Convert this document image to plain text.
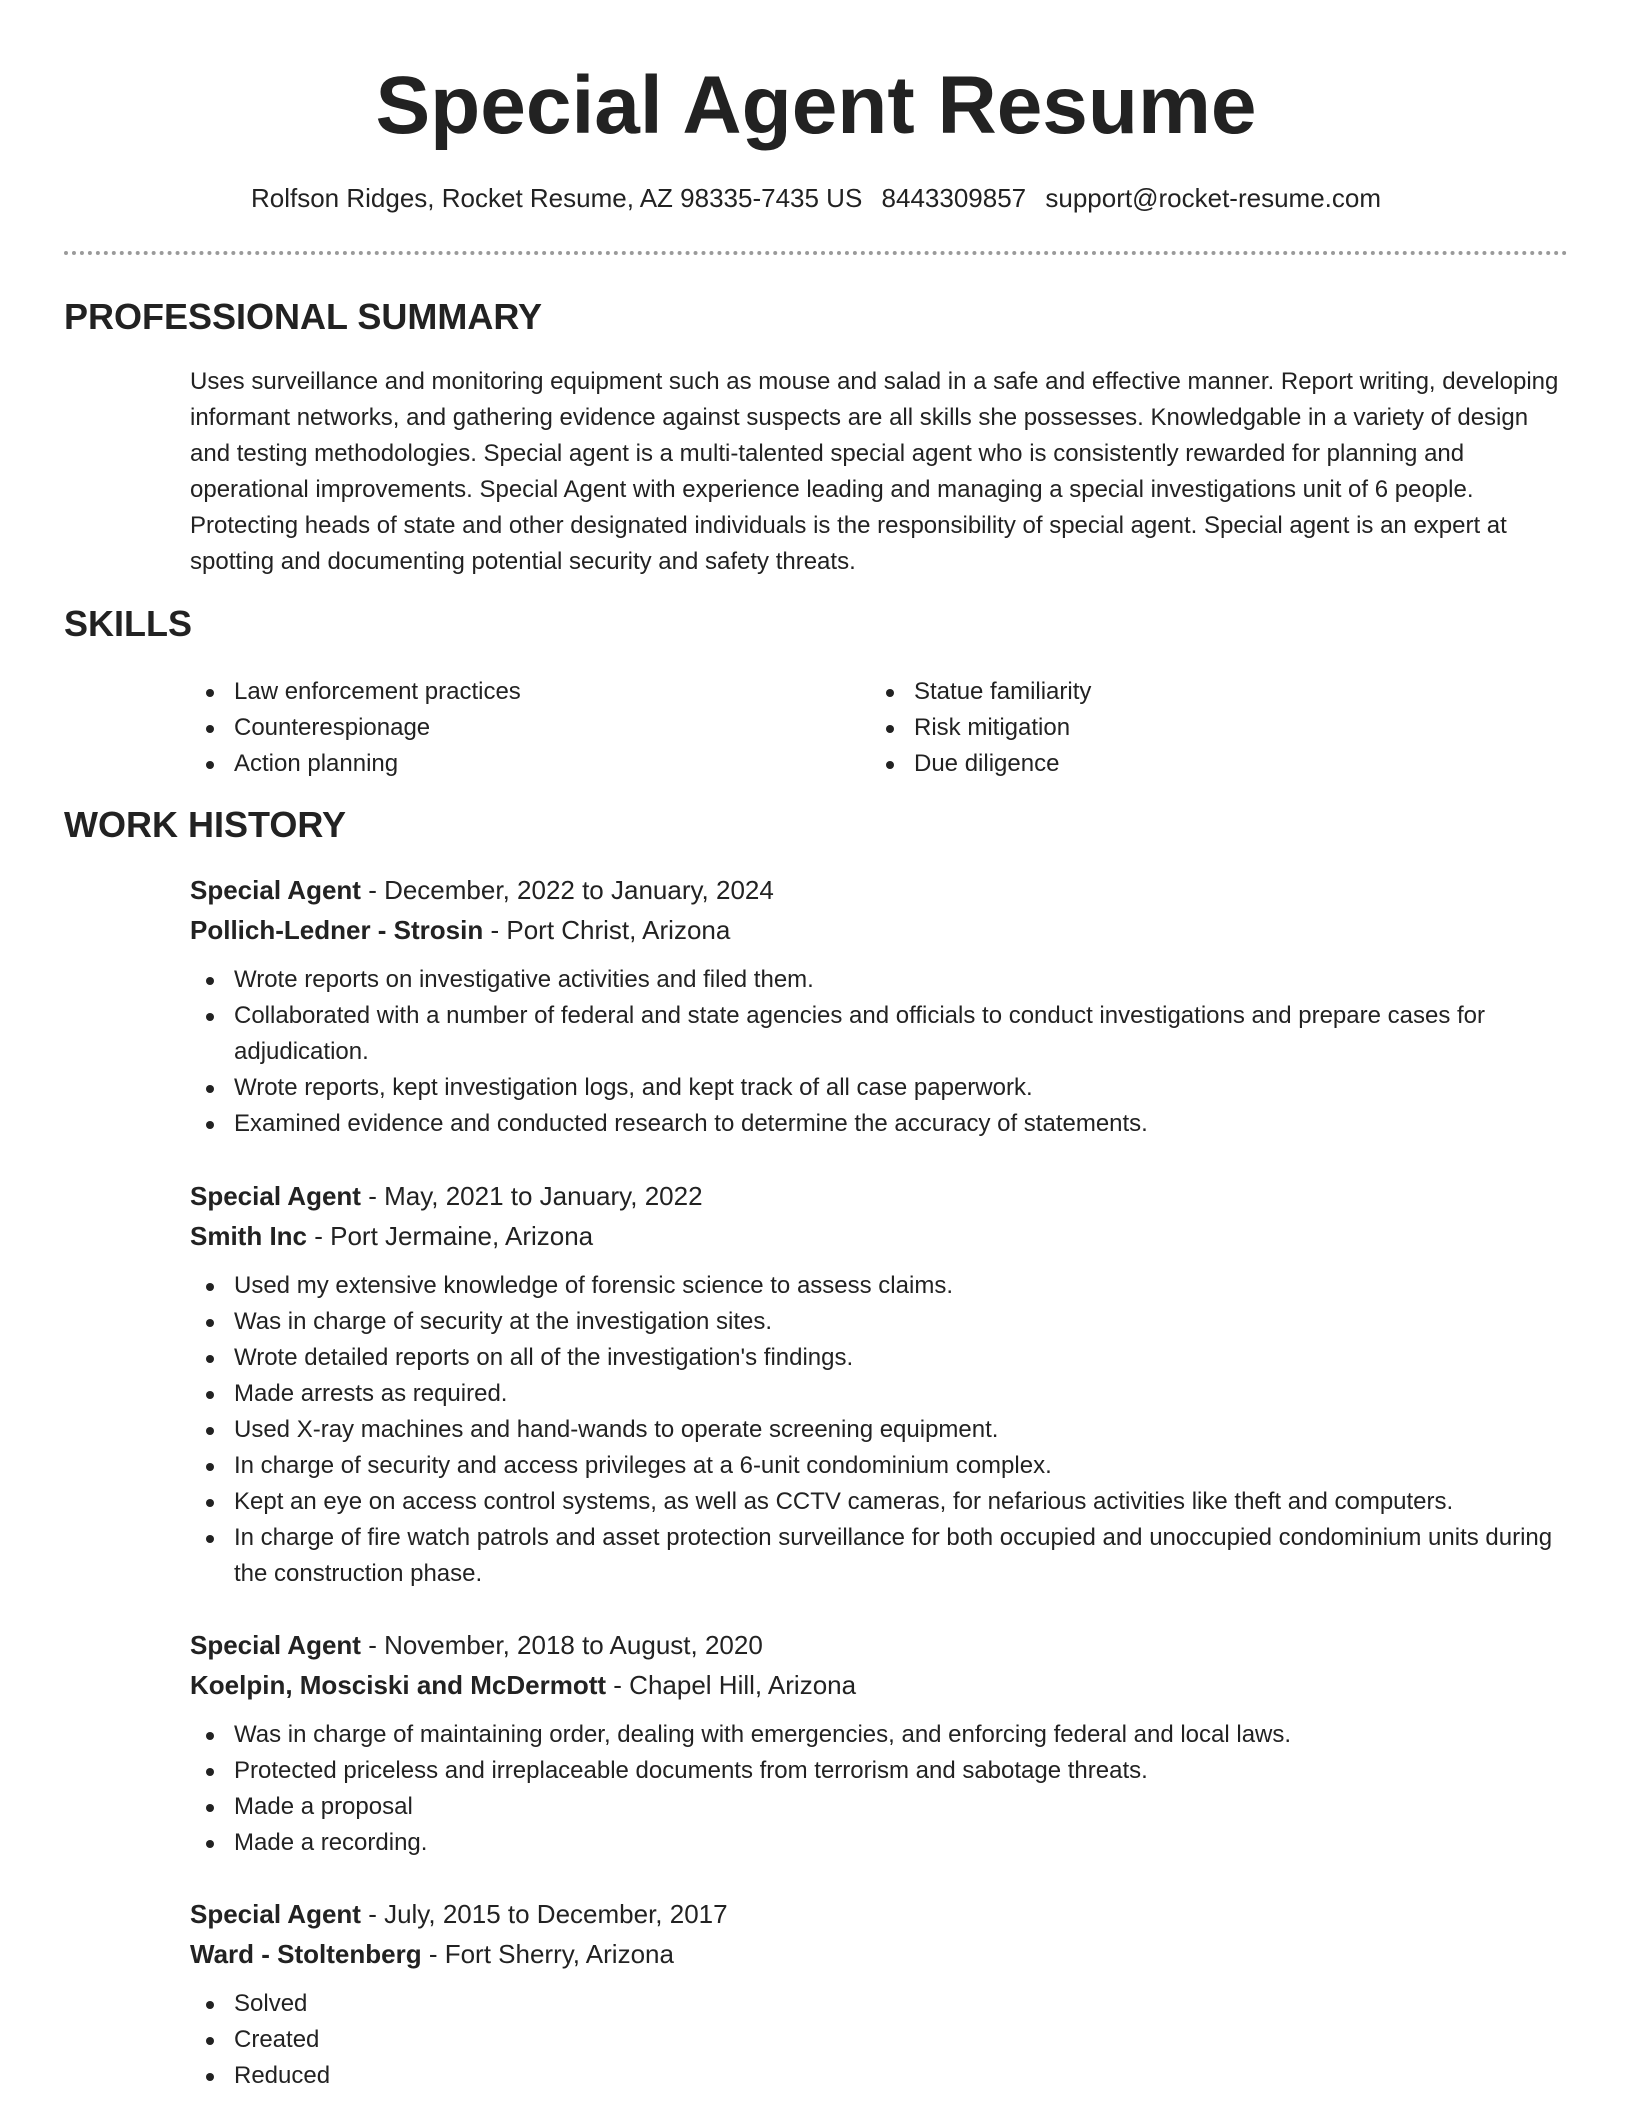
Special Agent Resume
Rolfson Ridges, Rocket Resume, AZ 98335-7435 US 8443309857 support@rocket-resume.com
PROFESSIONAL SUMMARY

Uses surveillance and monitoring equipment such as mouse and salad in a safe and effective manner. Report writing, developing informant networks, and gathering evidence against suspects are all skills she possesses. Knowledgable in a variety of design and testing methodologies. Special agent is a multi-talented special agent who is consistently rewarded for planning and operational improvements. Special Agent with experience leading and managing a special investigations unit of 6 people. Protecting heads of state and other designated individuals is the responsibility of special agent. Special agent is an expert at spotting and documenting potential security and safety threats.

SKILLS
Law enforcement practices
Counterespionage
Action planning
Statue familiarity
Risk mitigation
Due diligence
WORK HISTORY

Special Agent - December, 2022 to January, 2024

Pollich-Ledner - Strosin - Port Christ, Arizona

Wrote reports on investigative activities and filed them.
Collaborated with a number of federal and state agencies and officials to conduct investigations and prepare cases for adjudication.
Wrote reports, kept investigation logs, and kept track of all case paperwork.
Examined evidence and conducted research to determine the accuracy of statements.

Special Agent - May, 2021 to January, 2022

Smith Inc - Port Jermaine, Arizona

Used my extensive knowledge of forensic science to assess claims.
Was in charge of security at the investigation sites.
Wrote detailed reports on all of the investigation's findings.
Made arrests as required.
Used X-ray machines and hand-wands to operate screening equipment.
In charge of security and access privileges at a 6-unit condominium complex.
Kept an eye on access control systems, as well as CCTV cameras, for nefarious activities like theft and computers.
In charge of fire watch patrols and asset protection surveillance for both occupied and unoccupied condominium units during the construction phase.

Special Agent - November, 2018 to August, 2020

Koelpin, Mosciski and McDermott - Chapel Hill, Arizona

Was in charge of maintaining order, dealing with emergencies, and enforcing federal and local laws.
Protected priceless and irreplaceable documents from terrorism and sabotage threats.
Made a proposal
Made a recording.

Special Agent - July, 2015 to December, 2017

Ward - Stoltenberg - Fort Sherry, Arizona

Solved
Created
Reduced
